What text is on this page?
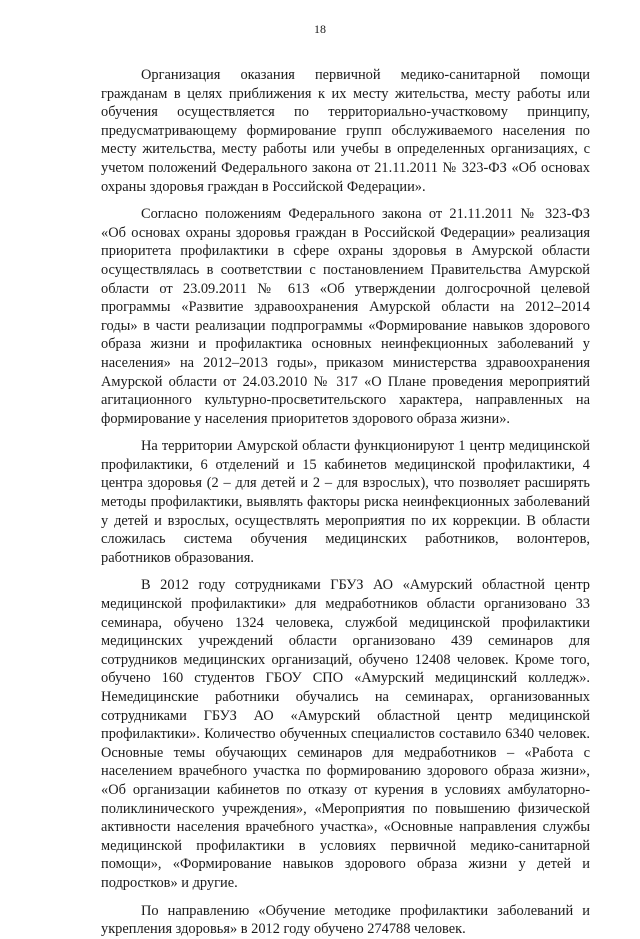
18
Организация оказания первичной медико-санитарной помощи
гражданам в целях приближения к их месту жительства, месту работы или
обучения осуществляется по территориально-участковому принципу,
предусматривающему формирование групп обслуживаемого населения по
месту жительства, месту работы или учебы в определенных организациях, с
учетом положений Федерального закона от 21.11.2011 № 323-ФЗ «Об основах
охраны здоровья граждан в Российской Федерации».
Согласно положениям Федерального закона от 21.11.2011 № 323-ФЗ
«Об основах охраны здоровья граждан в Российской Федерации» реализация
приоритета профилактики в сфере охраны здоровья в Амурской области
осуществлялась в соответствии с постановлением Правительства Амурской
области от 23.09.2011 № 613 «Об утверждении долгосрочной целевой
программы «Развитие здравоохранения Амурской области на 2012–2014
годы» в части реализации подпрограммы «Формирование навыков здорового
образа жизни и профилактика основных неинфекционных заболеваний у
населения» на 2012–2013 годы», приказом министерства здравоохранения
Амурской области от 24.03.2010 № 317 «О Плане проведения мероприятий
агитационного культурно-просветительского характера, направленных на
формирование у населения приоритетов здорового образа жизни».
На территории Амурской области функционируют 1 центр медицинской
профилактики, 6 отделений и 15 кабинетов медицинской профилактики, 4
центра здоровья (2 – для детей и 2 – для взрослых), что позволяет расширять
методы профилактики, выявлять факторы риска неинфекционных заболеваний
у детей и взрослых, осуществлять мероприятия по их коррекции. В области
сложилась система обучения медицинских работников, волонтеров,
работников образования.
В 2012 году сотрудниками ГБУЗ АО «Амурский областной центр
медицинской профилактики» для медработников области организовано 33
семинара, обучено 1324 человека, службой медицинской профилактики
медицинских учреждений области организовано 439 семинаров для
сотрудников медицинских организаций, обучено 12408 человек. Кроме того,
обучено 160 студентов ГБОУ СПО «Амурский медицинский колледж».
Немедицинские работники обучались на семинарах, организованных
сотрудниками ГБУЗ АО «Амурский областной центр медицинской
профилактики». Количество обученных специалистов составило 6340 человек.
Основные темы обучающих семинаров для медработников – «Работа с
населением врачебного участка по формированию здорового образа жизни»,
«Об организации кабинетов по отказу от курения в условиях амбулаторно-
поликлинического учреждения», «Мероприятия по повышению физической
активности населения врачебного участка», «Основные направления службы
медицинской профилактики в условиях первичной медико-санитарной
помощи», «Формирование навыков здорового образа жизни у детей и
подростков» и другие.
По направлению «Обучение методике профилактики заболеваний и
укрепления здоровья» в 2012 году обучено 274788 человек.
